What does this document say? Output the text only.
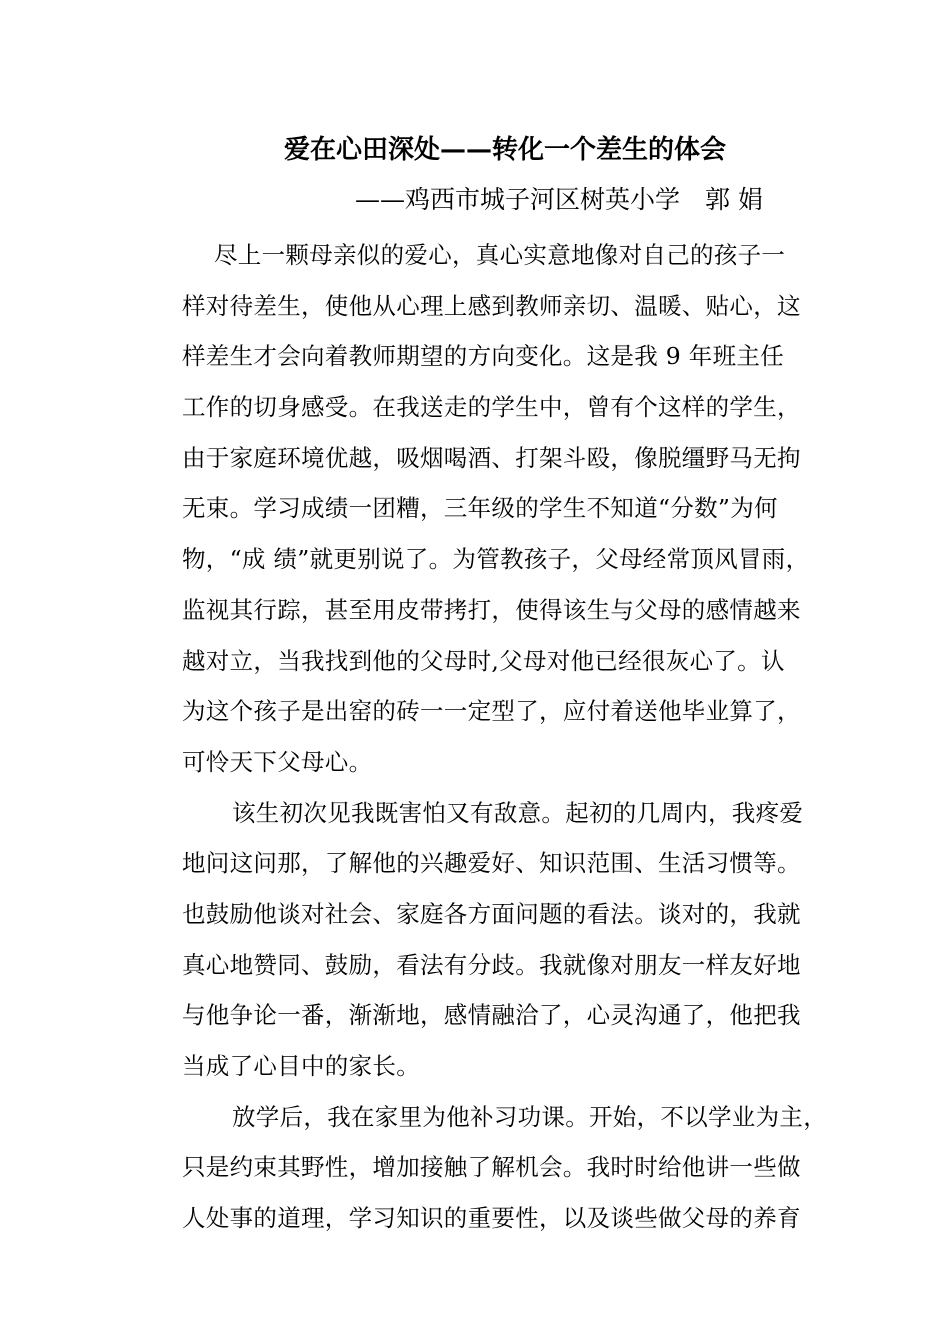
爱在心田深处——转化一个差生的体会
——鸡西市城子河区树英小学　郭 娟
尽上一颗母亲似的爱心，真心实意地像对自己的孩子一
样对待差生，使他从心理上感到教师亲切、温暖、贴心，这
样差生才会向着教师期望的方向变化。这是我 9 年班主任
工作的切身感受。在我送走的学生中，曾有个这样的学生，
由于家庭环境优越，吸烟喝酒、打架斗殴，像脱缰野马无拘
无束。学习成绩一团糟，三年级的学生不知道“分数”为何
物，“成 绩”就更别说了。为管教孩子，父母经常顶风冒雨，
监视其行踪，甚至用皮带拷打，使得该生与父母的感情越来
越对立，当我找到他的父母时,父母对他已经很灰心了。认
为这个孩子是出窑的砖一一定型了，应付着送他毕业算了，
可怜天下父母心。
该生初次见我既害怕又有敌意。起初的几周内，我疼爱
地问这问那，了解他的兴趣爱好、知识范围、生活习惯等。
也鼓励他谈对社会、家庭各方面问题的看法。谈对的，我就
真心地赞同、鼓励，看法有分歧。我就像对朋友一样友好地
与他争论一番，渐渐地，感情融洽了，心灵沟通了，他把我
当成了心目中的家长。
放学后，我在家里为他补习功课。开始，不以学业为主，
只是约束其野性，增加接触了解机会。我时时给他讲一些做
人处事的道理，学习知识的重要性，以及谈些做父母的养育
